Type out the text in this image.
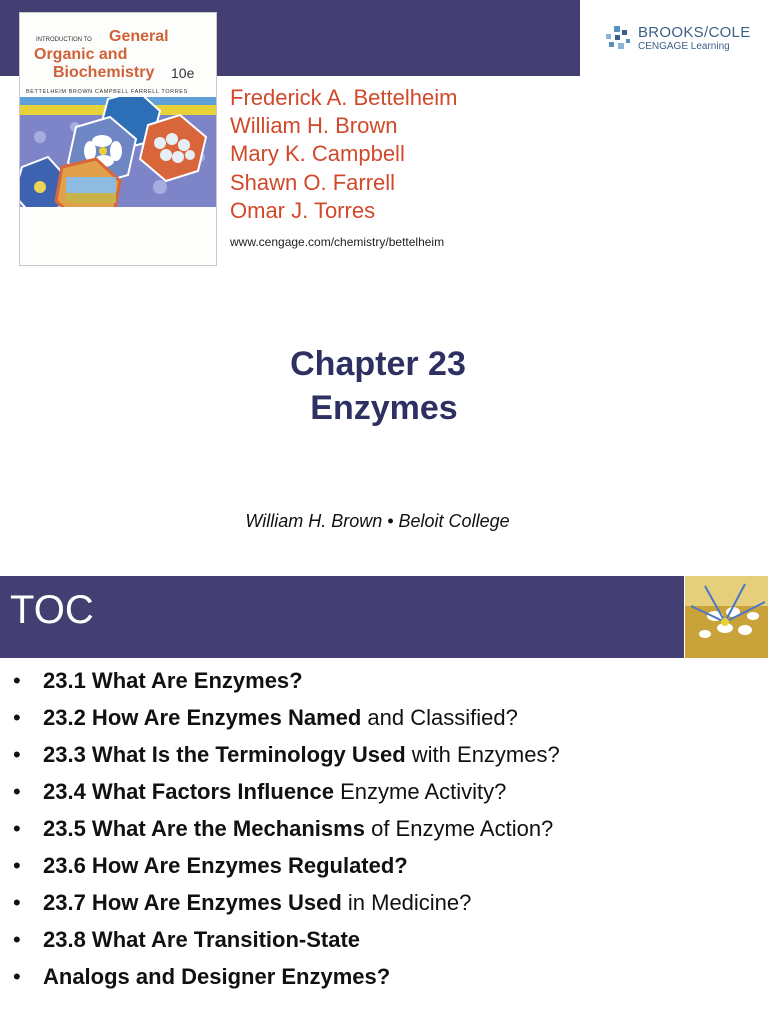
BROOKS/COLE
CENGAGE Learning
INTRODUCTION TO General
Organic and
Biochemistry 10e
BETTELHEIM BROWN CAMPBELL FARRELL TORRES Frederick A. Bettelheim
William H. Brown
Mary K. Campbell
Shawn O. Farrell
Omar J. Torres
www.cengage.com/chemistry/bettelheim
Chapter 23
Enzymes
William H. Brown • Beloit College
TOC
• 23.1 What Are Enzymes?
• 23.2 How Are Enzymes Named and Classified?
• 23.3 What Is the Terminology Used with Enzymes?
• 23.4 What Factors Influence Enzyme Activity?
• 23.5 What Are the Mechanisms of Enzyme Action?
• 23.6 How Are Enzymes Regulated?
• 23.7 How Are Enzymes Used in Medicine?
• 23.8 What Are Transition-State
• Analogs and Designer Enzymes?
